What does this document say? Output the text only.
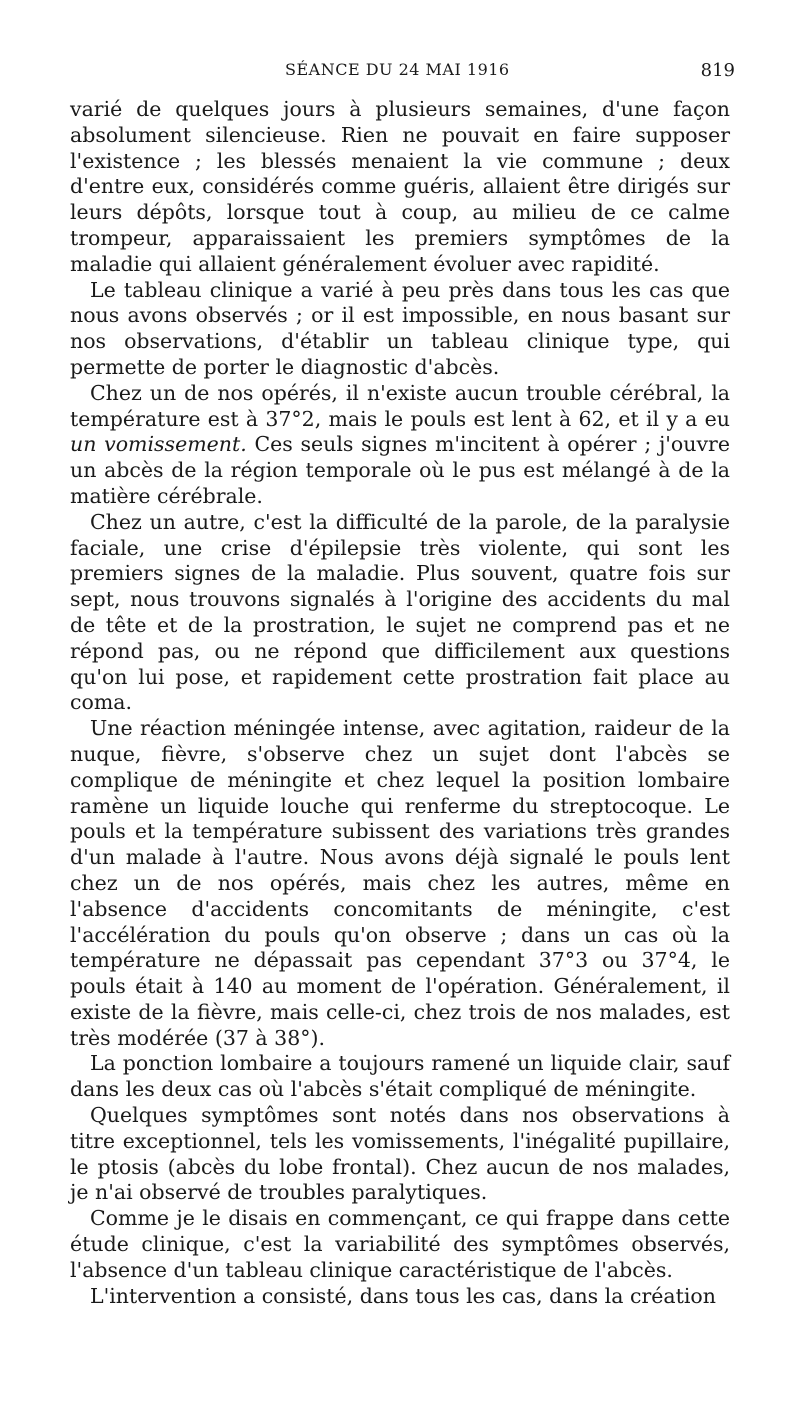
SÉANCE DU 24 MAI 1916	819

varié de quelques jours à plusieurs semaines, d'une façon absolument silencieuse. Rien ne pouvait en faire supposer l'existence ; les blessés menaient la vie commune ; deux d'entre eux, considérés comme guéris, allaient être dirigés sur leurs dépôts, lorsque tout à coup, au milieu de ce calme trompeur, apparaissaient les premiers symptômes de la maladie qui allaient généralement évoluer avec rapidité.

Le tableau clinique a varié à peu près dans tous les cas que nous avons observés ; or il est impossible, en nous basant sur nos observations, d'établir un tableau clinique type, qui permette de porter le diagnostic d'abcès.

Chez un de nos opérés, il n'existe aucun trouble cérébral, la température est à 37°2, mais le pouls est lent à 62, et il y a eu un vomissement. Ces seuls signes m'incitent à opérer ; j'ouvre un abcès de la région temporale où le pus est mélangé à de la matière cérébrale.

Chez un autre, c'est la difficulté de la parole, de la paralysie faciale, une crise d'épilepsie très violente, qui sont les premiers signes de la maladie. Plus souvent, quatre fois sur sept, nous trouvons signalés à l'origine des accidents du mal de tête et de la prostration, le sujet ne comprend pas et ne répond pas, ou ne répond que difficilement aux questions qu'on lui pose, et rapidement cette prostration fait place au coma.

Une réaction méningée intense, avec agitation, raideur de la nuque, fièvre, s'observe chez un sujet dont l'abcès se complique de méningite et chez lequel la position lombaire ramène un liquide louche qui renferme du streptocoque. Le pouls et la température subissent des variations très grandes d'un malade à l'autre. Nous avons déjà signalé le pouls lent chez un de nos opérés, mais chez les autres, même en l'absence d'accidents concomitants de méningite, c'est l'accélération du pouls qu'on observe ; dans un cas où la température ne dépassait pas cependant 37°3 ou 37°4, le pouls était à 140 au moment de l'opération. Généralement, il existe de la fièvre, mais celle-ci, chez trois de nos malades, est très modérée (37 à 38°).

La ponction lombaire a toujours ramené un liquide clair, sauf dans les deux cas où l'abcès s'était compliqué de méningite.

Quelques symptômes sont notés dans nos observations à titre exceptionnel, tels les vomissements, l'inégalité pupillaire, le ptosis (abcès du lobe frontal). Chez aucun de nos malades, je n'ai observé de troubles paralytiques.

Comme je le disais en commençant, ce qui frappe dans cette étude clinique, c'est la variabilité des symptômes observés, l'absence d'un tableau clinique caractéristique de l'abcès.

L'intervention a consisté, dans tous les cas, dans la création
